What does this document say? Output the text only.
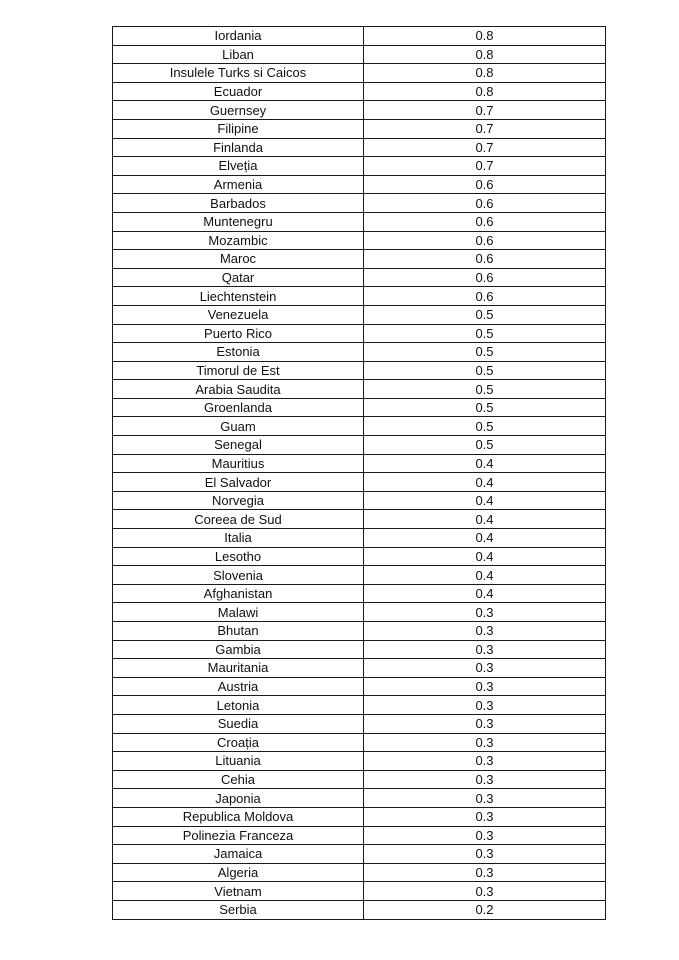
Iordania	0.8
Liban	0.8
Insulele Turks si Caicos	0.8
Ecuador	0.8
Guernsey	0.7
Filipine	0.7
Finlanda	0.7
Elveția	0.7
Armenia	0.6
Barbados	0.6
Muntenegru	0.6
Mozambic	0.6
Maroc	0.6
Qatar	0.6
Liechtenstein	0.6
Venezuela	0.5
Puerto Rico	0.5
Estonia	0.5
Timorul de Est	0.5
Arabia Saudita	0.5
Groenlanda	0.5
Guam	0.5
Senegal	0.5
Mauritius	0.4
El Salvador	0.4
Norvegia	0.4
Coreea de Sud	0.4
Italia	0.4
Lesotho	0.4
Slovenia	0.4
Afghanistan	0.4
Malawi	0.3
Bhutan	0.3
Gambia	0.3
Mauritania	0.3
Austria	0.3
Letonia	0.3
Suedia	0.3
Croația	0.3
Lituania	0.3
Cehia	0.3
Japonia	0.3
Republica Moldova	0.3
Polinezia Franceza	0.3
Jamaica	0.3
Algeria	0.3
Vietnam	0.3
Serbia	0.2
